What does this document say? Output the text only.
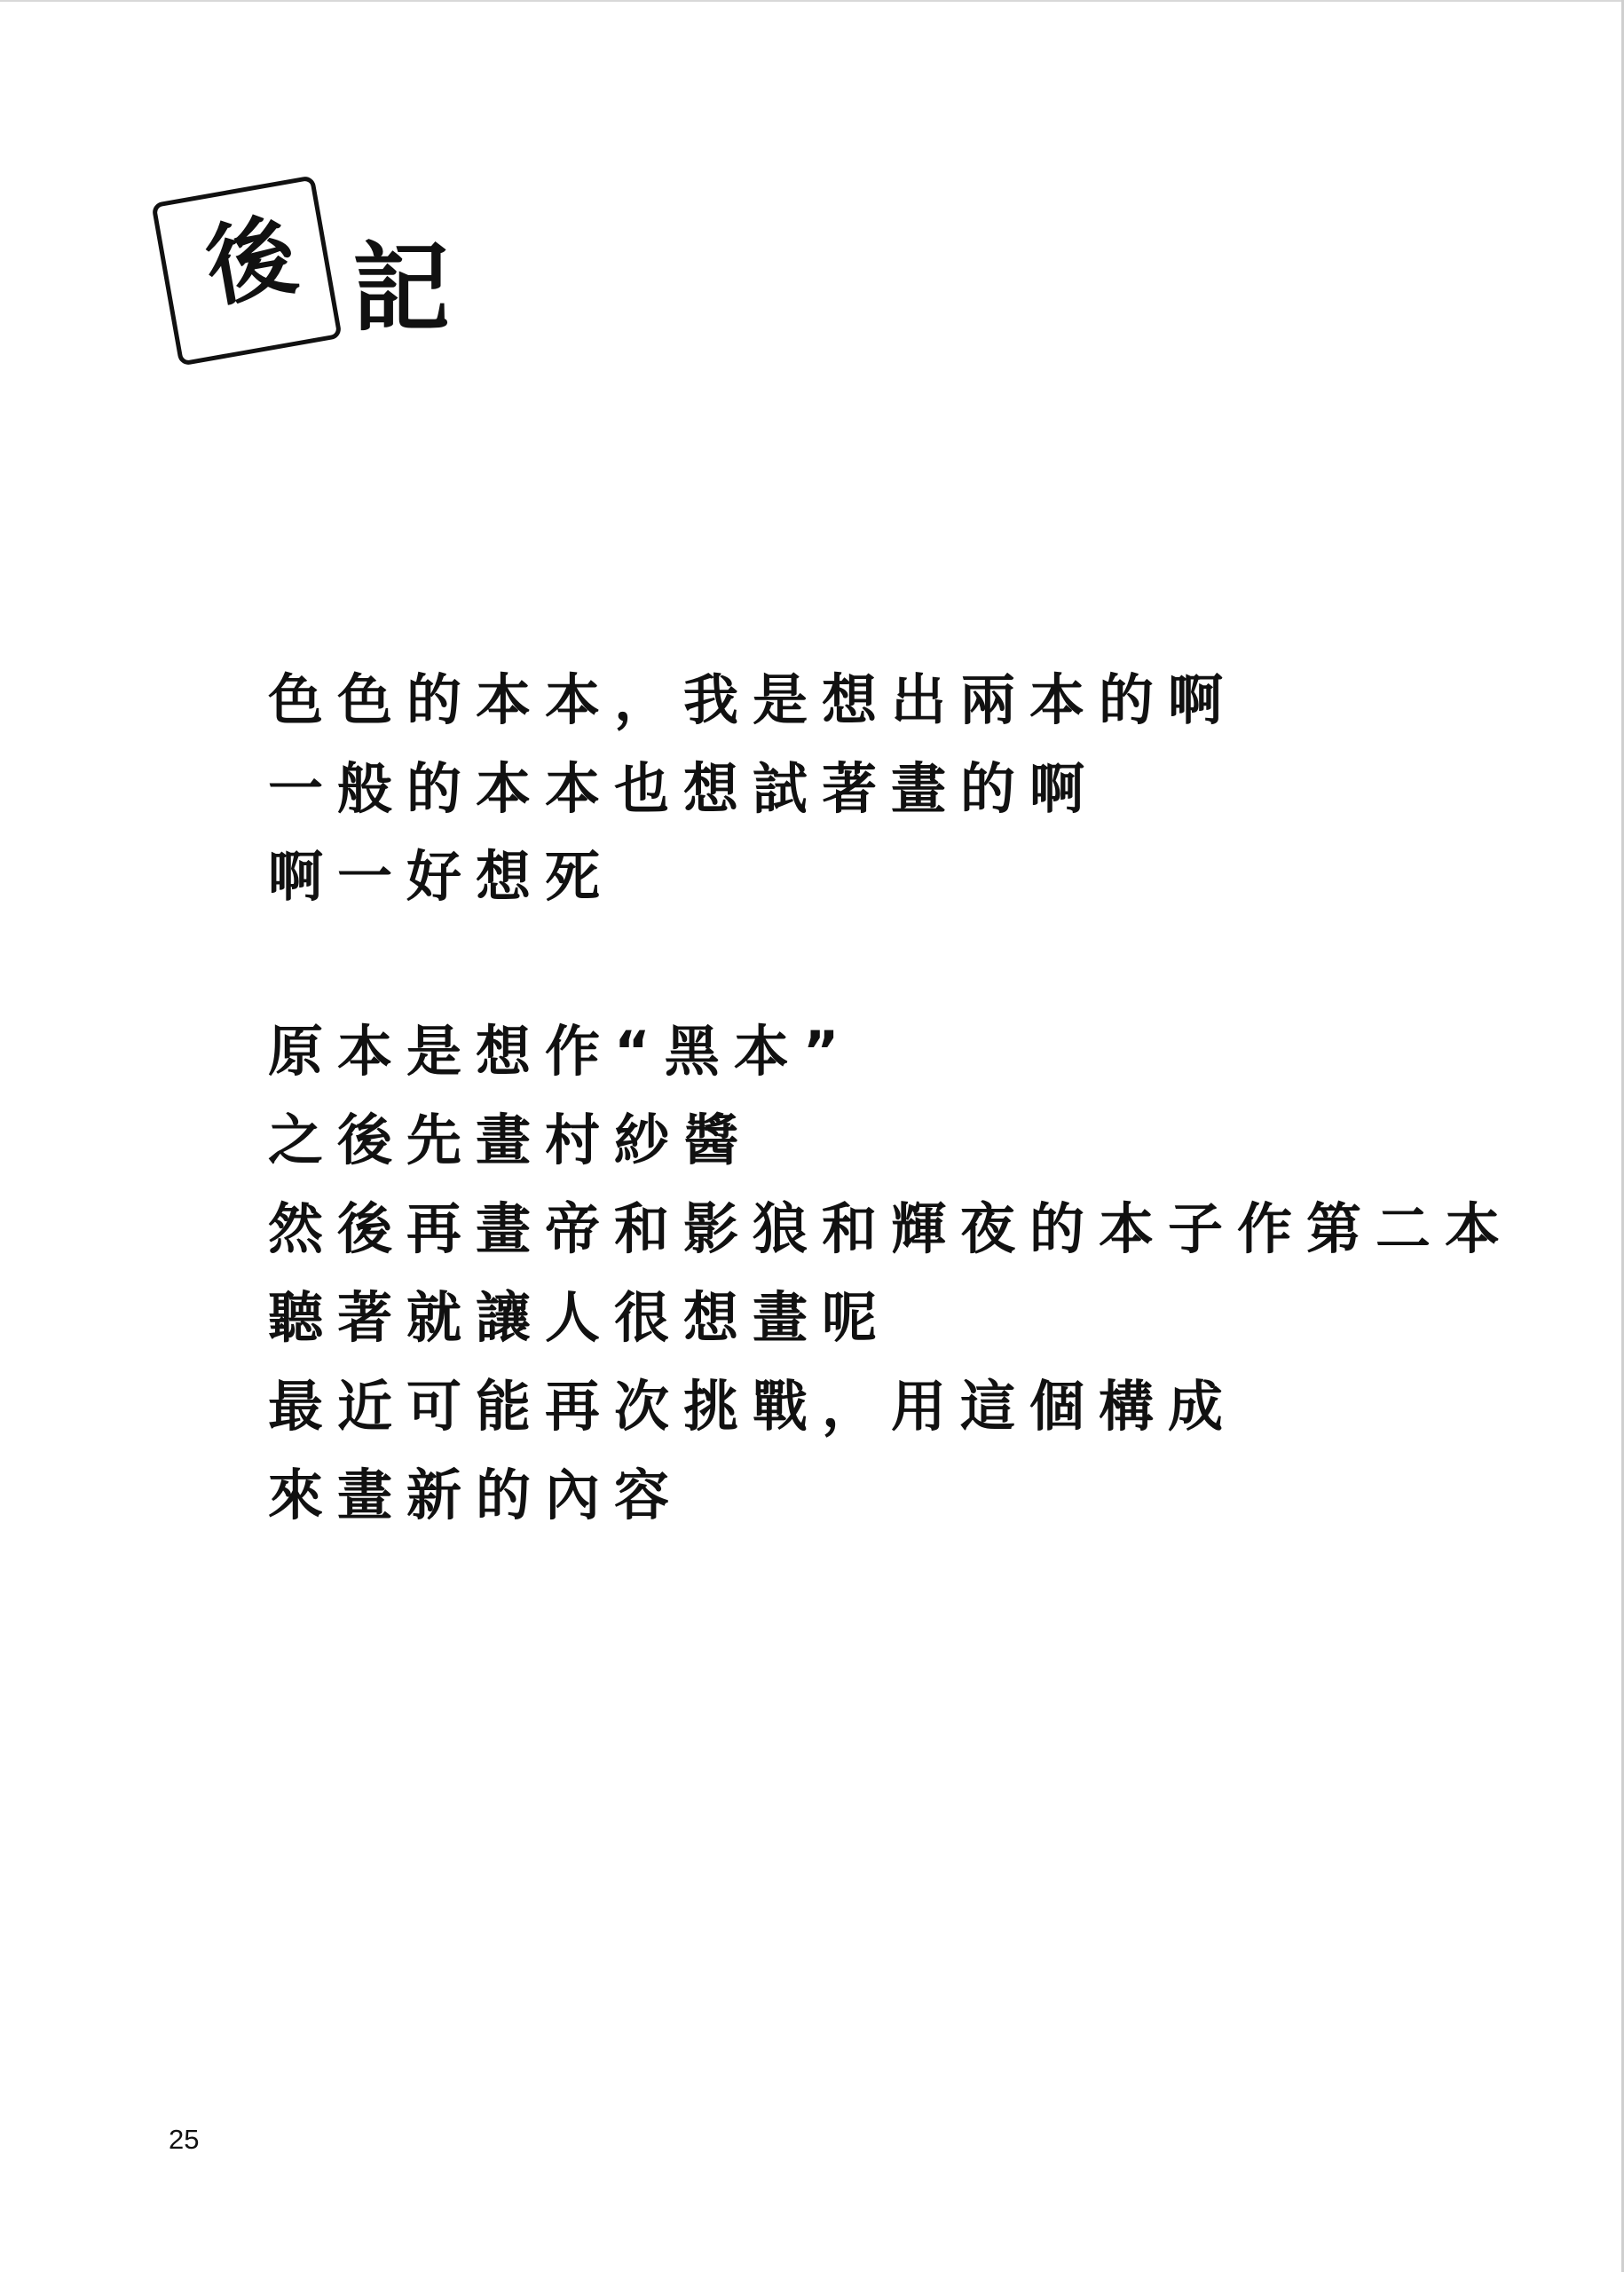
後 記
色色的本本，我是想出兩本的啊
一般的本本也想試著畫的啊
啊一好想死
原本是想作“黑本”
之後先畫村紗醬
然後再畫帝和影狼和輝夜的本子作第二本
聽著就讓人很想畫呢
最近可能再次挑戰，用這個構成
來畫新的內容
25
